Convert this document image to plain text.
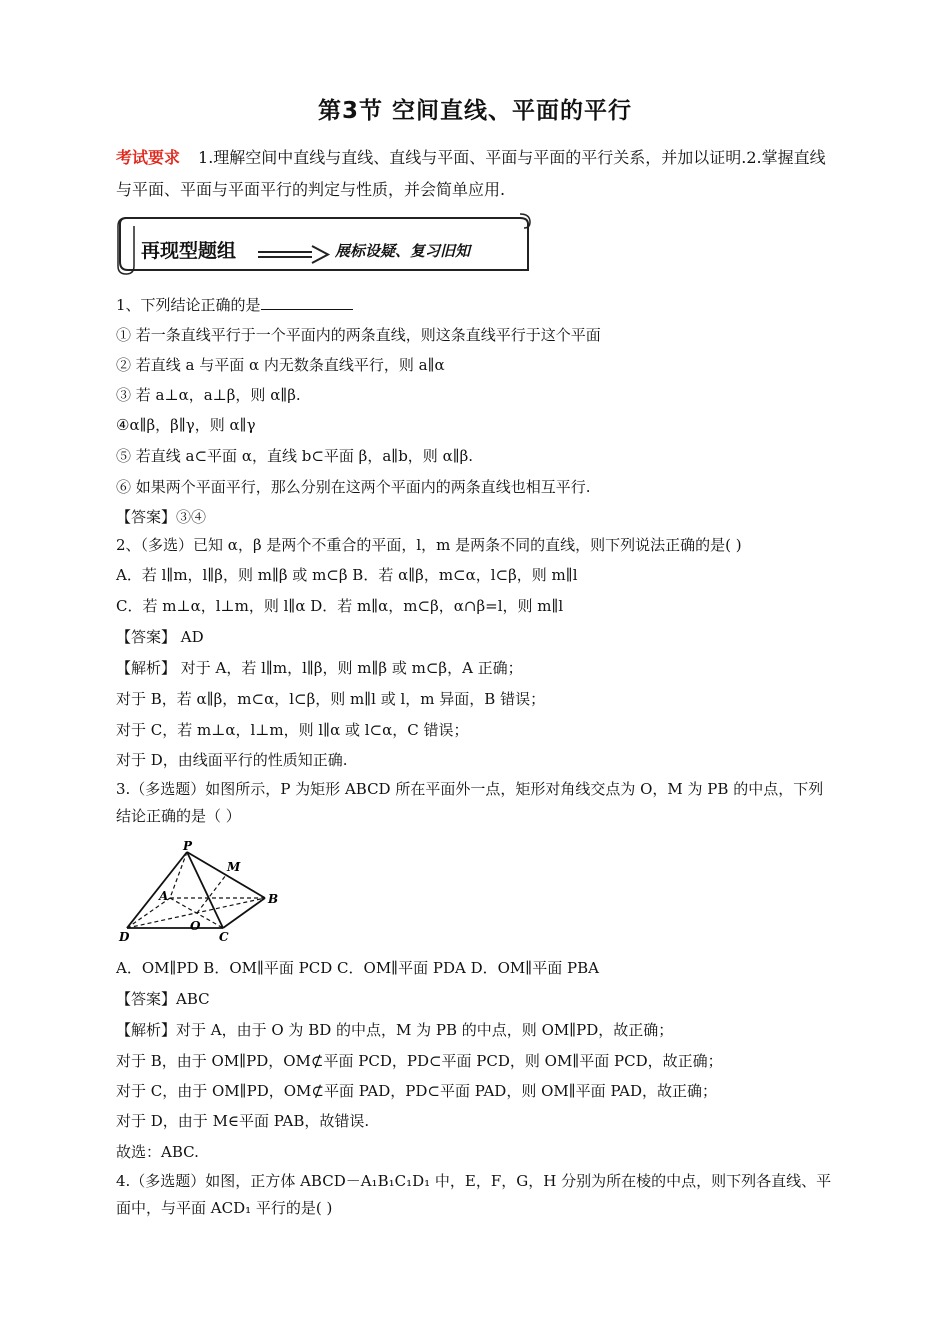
第3节 空间直线、平面的平行
考试要求 1.理解空间中直线与直线、直线与平面、平面与平面的平行关系，并加以证明.2.掌握直线与平面、平面与平面平行的判定与性质，并会简单应用.
再现型题组	展标设疑、复习旧知
1、下列结论正确的是
① 若一条直线平行于一个平面内的两条直线，则这条直线平行于这个平面
② 若直线 a 与平面 α 内无数条直线平行，则 a∥α
③ 若 a⊥α，a⊥β，则 α∥β.
④α∥β，β∥γ，则 α∥γ
⑤ 若直线 a⊂平面 α，直线 b⊂平面 β，a∥b，则 α∥β.
⑥ 如果两个平面平行，那么分别在这两个平面内的两条直线也相互平行.
【答案】③④
2、（多选）已知 α，β 是两个不重合的平面，l，m 是两条不同的直线，则下列说法正确的是( )
A．若 l∥m，l∥β，则 m∥β 或 m⊂β B．若 α∥β，m⊂α，l⊂β，则 m∥l
C．若 m⊥α，l⊥m，则 l∥α D．若 m∥α，m⊂β，α∩β=l，则 m∥l
【答案】 AD
【解析】 对于 A，若 l∥m，l∥β，则 m∥β 或 m⊂β，A 正确；
对于 B，若 α∥β，m⊂α，l⊂β，则 m∥l 或 l，m 异面，B 错误；
对于 C，若 m⊥α，l⊥m，则 l∥α 或 l⊂α，C 错误；
对于 D，由线面平行的性质知正确.
3.（多选题）如图所示，P 为矩形 ABCD 所在平面外一点，矩形对角线交点为 O，M 为 PB 的中点，下列结论正确的是（ ）
P
M
A
O
B
D	C
A．OM∥PD B．OM∥平面 PCD C．OM∥平面 PDA D．OM∥平面 PBA
【答案】ABC
【解析】对于 A，由于 O 为 BD 的中点，M 为 PB 的中点，则 OM∥PD，故正确；
对于 B，由于 OM∥PD，OM⊄平面 PCD，PD⊂平面 PCD，则 OM∥平面 PCD，故正确；
对于 C，由于 OM∥PD，OM⊄平面 PAD，PD⊂平面 PAD，则 OM∥平面 PAD，故正确；
对于 D，由于 M∈平面 PAB，故错误.
故选：ABC.
4.（多选题）如图，正方体 ABCD－A₁B₁C₁D₁ 中，E，F，G，H 分别为所在棱的中点，则下列各直线、平面中，与平面 ACD₁ 平行的是( )
